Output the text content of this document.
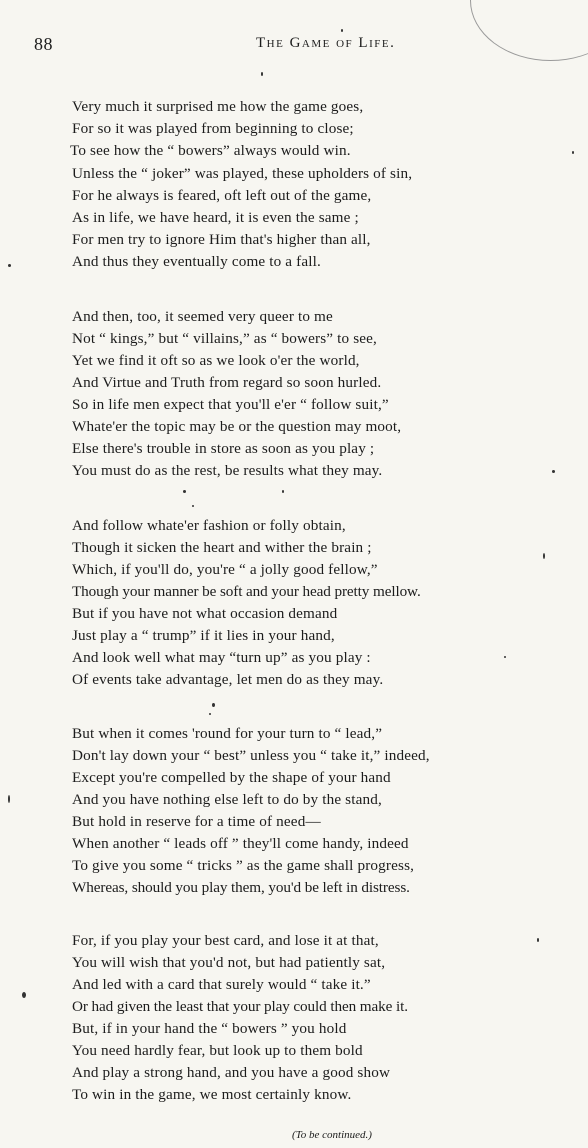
88	The Game of Life.
Very much it surprised me how the game goes,
For so it was played from beginning to close;
To see how the “ bowers” always would win.
Unless the “ joker” was played, these upholders of sin,
For he always is feared, oft left out of the game,
As in life, we have heard, it is even the same ;
For men try to ignore Him that's higher than all,
And thus they eventually come to a fall.
And then, too, it seemed very queer to me
Not “ kings,” but “ villains,” as “ bowers” to see,
Yet we find it oft so as we look o'er the world,
And Virtue and Truth from regard so soon hurled.
So in life men expect that you'll e'er “ follow suit,”
Whate'er the topic may be or the question may moot,
Else there's trouble in store as soon as you play ;
You must do as the rest, be results what they may.
And follow whate'er fashion or folly obtain,
Though it sicken the heart and wither the brain ;
Which, if you'll do, you're “ a jolly good fellow,”
Though your manner be soft and your head pretty mellow.
But if you have not what occasion demand
Just play a “ trump” if it lies in your hand,
And look well what may “turn up” as you play :
Of events take advantage, let men do as they may.
But when it comes 'round for your turn to “ lead,”
Don't lay down your “ best” unless you “ take it,” indeed,
Except you're compelled by the shape of your hand
And you have nothing else left to do by the stand,
But hold in reserve for a time of need—
When another “ leads off ” they'll come handy, indeed
To give you some “ tricks ” as the game shall progress,
Whereas, should you play them, you'd be left in distress.
For, if you play your best card, and lose it at that,
You will wish that you'd not, but had patiently sat,
And led with a card that surely would “ take it.”
Or had given the least that your play could then make it.
But, if in your hand the “ bowers ” you hold
You need hardly fear, but look up to them bold
And play a strong hand, and you have a good show
To win in the game, we most certainly know.
(To be continued.)
